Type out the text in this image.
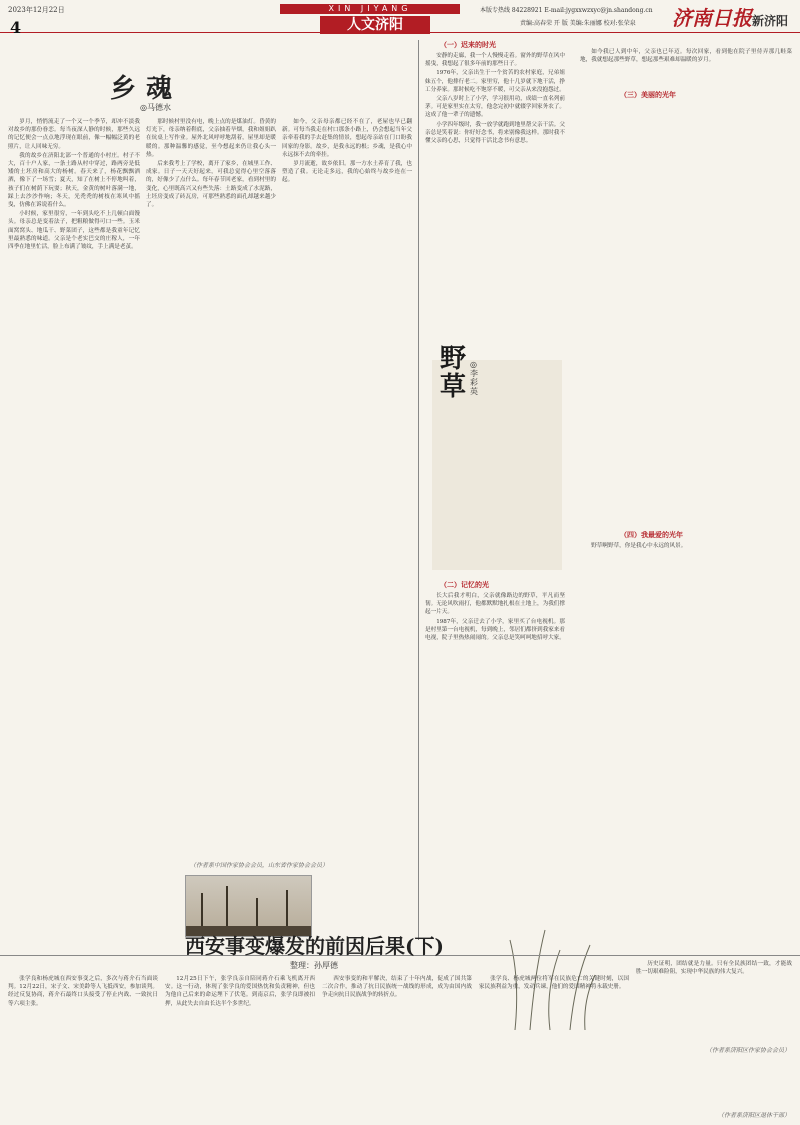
2023年12月22日
4
XIN JIYANG
人文济阳
本版专热线 84228921 E-mail:jygxxwzxyc@jn.shandong.cn
责编:高春荣 开 版 美编:朱丽娜 校对:张荣泉 济南日报新济阳
乡魂
◎马德水

岁月，悄悄流走了一个又一个季节，却冲不淡我对故乡的那份眷恋。每当夜深人静的时候，那些久远的记忆便会一点点地浮现在眼前，像一幅幅泛黄的老照片，让人回味无穷。

我的故乡在济阳北部一个普通的小村庄。村子不大，百十户人家，一条土路从村中穿过，路两旁是低矮的土坯房和高大的杨树。春天来了，杨花飘飘洒洒，像下了一场雪；夏天，知了在树上不停地叫着，孩子们在树荫下玩耍；秋天，金黄的树叶落满一地，踩上去沙沙作响；冬天，光秃秃的树枝在寒风中摇曳，仿佛在诉说着什么。

小时候，家里很穷，一年到头吃不上几顿白面馒头。母亲总是变着法子，把粗粮做得可口一些。玉米面窝窝头、地瓜干、野菜团子，这些都是我童年记忆里最熟悉的味道。父亲是个老实巴交的庄稼人，一年四季在地里忙活，脸上布满了皱纹，手上满是老茧。

那时候村里没有电，晚上点的是煤油灯。昏黄的灯光下，母亲纳着鞋底，父亲抽着旱烟，我和姐姐趴在炕桌上写作业。屋外北风呼呼地刮着，屋里却是暖暖的。那种温馨的感觉，至今想起来仍让我心头一热。

后来我考上了学校，离开了家乡，在城里工作、成家。日子一天天好起来，可我总觉得心里空落落的，好像少了点什么。每年春节回老家，看到村里的变化，心里既高兴又有些失落：土路变成了水泥路，土坯房变成了砖瓦房，可那些熟悉的面孔却越来越少了。

如今，父亲母亲都已经不在了，老屋也早已翻新。可每当我走在村口那条小路上，仍会想起当年父亲牵着我的手去赶集的情景，想起母亲站在门口盼我回家的身影。故乡，是我永远的根；乡魂，是我心中永远抹不去的牵挂。

岁月流逝，故乡依旧。那一方水土养育了我，也塑造了我。无论走多远，我的心始终与故乡连在一起。

（作者系中国作家协会会员，山东省作家协会会员）
（一）迟来的时光

安静的走廊，我一个人慢慢走着。窗外的野草在风中摇曳，我想起了很多年前的那些日子。

1976年，父亲出生于一个贫苦的农村家庭，兄弟姐妹五个，他排行老二。家里穷，他十几岁就下地干活，挣工分养家。那时候吃不饱穿不暖，可父亲从来没抱怨过。

父亲八岁时上了小学，学习很用功，成绩一直名列前茅。可是家里实在太穷，他念完初中就辍学回家务农了。这成了他一辈子的遗憾。

小学四年级时，我一放学就跑到地里帮父亲干活。父亲总是笑着说：你好好念书，将来别像我这样。那时我不懂父亲的心思，只觉得干活比念书有意思。

野草
◎李彩英
（二）记忆的光

长大后我才明白，父亲就像路边的野草，平凡而坚韧。无论风吹雨打，他都默默地扎根在土地上，为我们撑起一片天。

1987年，父亲迁去了小学，家里买了台电视机。那是村里第一台电视机，每到晚上，邻居们都挤到我家来看电视，院子里热热闹闹的。父亲总是笑呵呵地招呼大家。

（三）美丽的光年

如今我已人到中年，父亲也已年迈。每次回家，看到他在院子里侍弄那几畦菜地，我就想起那些野草，想起那些艰难却温暖的岁月。

（四）我最爱的光年

野草啊野草，你是我心中永远的风景。

（作者系济阳区作家协会会员）
西安事变爆发的前因后果(下)
整理：孙厚德

张学良和杨虎城在西安事变之后，多次与蒋介石当面谈判。12月22日，宋子文、宋美龄等人飞抵西安，参加谈判。经过反复协商，蒋介石最终口头接受了停止内战、一致抗日等六项主张。

12月25日下午，张学良亲自陪同蒋介石乘飞机离开西安。这一行动，体现了张学良的爱国热忱和负责精神，但也为他自己后来的命运埋下了伏笔。到南京后，张学良即被扣押，从此失去自由长达半个多世纪。

西安事变的和平解决，结束了十年内战，促成了国共第二次合作，推动了抗日民族统一战线的形成，成为由国内战争走向抗日民族战争的转折点。

张学良、杨虎城两位将军在民族危亡的关键时刻，以国家民族利益为重，发动兵谏，他们的爱国精神将永载史册。

历史证明，团结就是力量。只有全民族团结一致，才能战胜一切艰难险阻，实现中华民族的伟大复兴。

（作者系济阳区退休干部）
